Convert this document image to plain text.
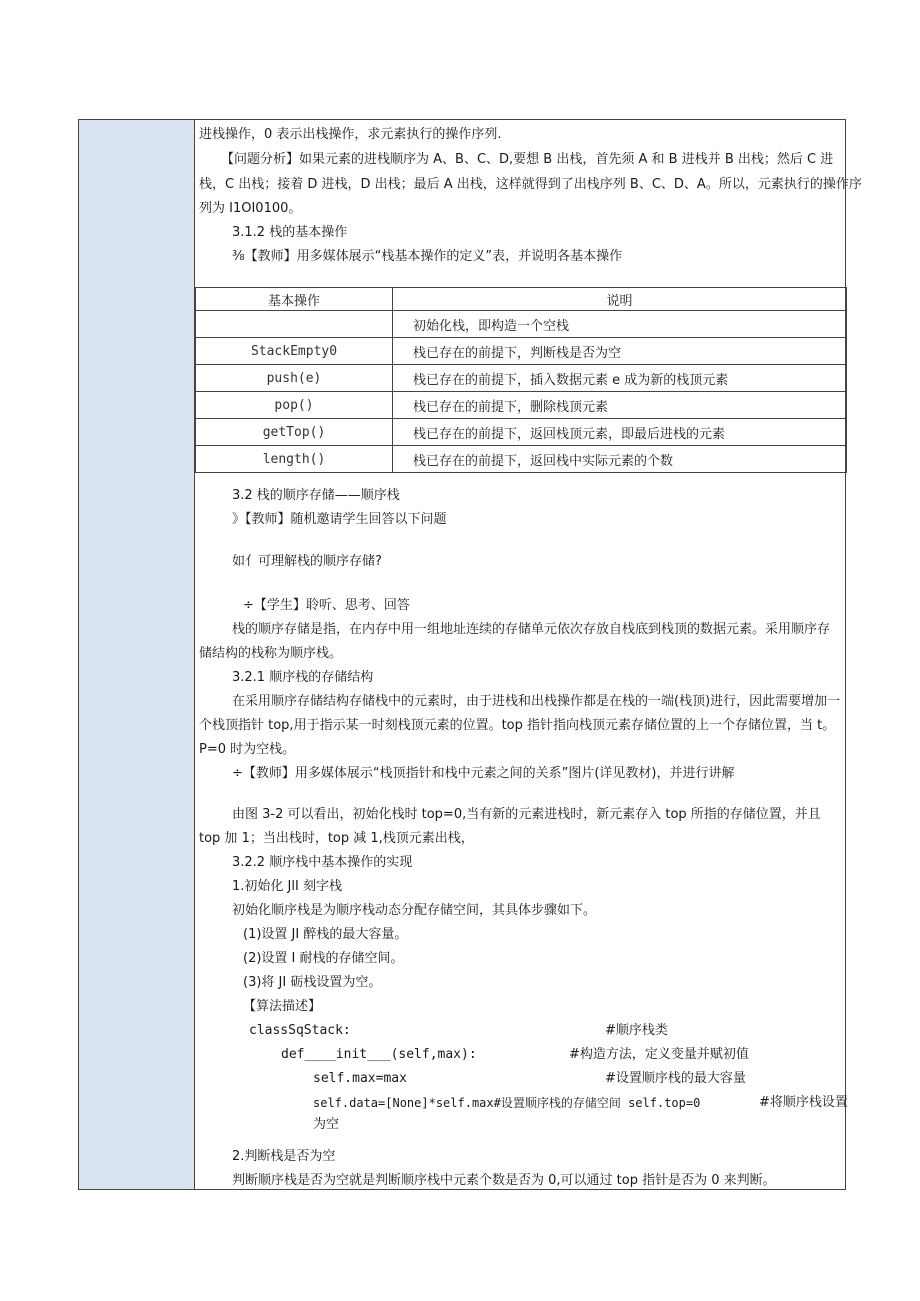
进栈操作，0 表示出栈操作，求元素执行的操作序列.
【问题分析】如果元素的进栈顺序为 A、B、C、D,要想 B 出栈，首先须 A 和 B 进栈并 B 出栈；然后 C 进
栈，C 出栈；接着 D 进栈，D 出栈；最后 A 出栈，这样就得到了出栈序列 B、C、D、A。所以，元素执行的操作序
列为 I1OI0100。
3.1.2 栈的基本操作
⅜【教师】用多媒体展示“栈基本操作的定义”表，并说明各基本操作
基本操作	说明
	初始化栈，即构造一个空栈
StackEmpty0	栈已存在的前提下，判断栈是否为空
push(e)	栈已存在的前提下，插入数据元素 e 成为新的栈顶元素
pop()	栈已存在的前提下，删除栈顶元素
getTop()	栈已存在的前提下，返回栈顶元素，即最后进栈的元素
length()	栈已存在的前提下，返回栈中实际元素的个数
3.2 栈的顺序存储——顺序栈
》【教师】随机邀请学生回答以下问题
如亻可理解栈的顺序存储?
÷【学生】聆听、思考、回答
栈的顺序存储是指，在内存中用一组地址连续的存储单元依次存放自栈底到栈顶的数据元素。采用顺序存
储结构的栈称为顺序栈。
3.2.1 顺序栈的存储结构
在采用顺序存储结构存储栈中的元素时，由于进栈和出栈操作都是在栈的一端(栈顶)进行，因此需要增加一
个栈顶指针 top,用于指示某一时刻栈顶元素的位置。top 指针指向栈顶元素存储位置的上一个存储位置，当 t。
P=0 时为空栈。
÷【教师】用多媒体展示“栈顶指针和栈中元素之间的关系”图片(详见教材)，并进行讲解
由图 3-2 可以看出，初始化栈时 top=0,当有新的元素进栈时，新元素存入 top 所指的存储位置，并且
top 加 1；当出栈时，top 减 1,栈顶元素出栈，
3.2.2 顺序栈中基本操作的实现
1.初始化 JlI 刻字栈
初始化顺序栈是为顺序栈动态分配存储空间，其具体步骤如下。
(1)设置 JI 醉栈的最大容量。
(2)设置 I 耐栈的存储空间。
(3)将 JI 砺栈设置为空。
【算法描述】
classSqStack:	#顺序栈类
def____init___(self,max):	#构造方法，定义变量并赋初值
self.max=max	#设置顺序栈的最大容量
self.data=[None]*self.max#设置顺序栈的存储空间 self.top=0	#将顺序栈设置
为空
2.判断栈是否为空
判断顺序栈是否为空就是判断顺序栈中元素个数是否为 0,可以通过 top 指针是否为 0 来判断。
